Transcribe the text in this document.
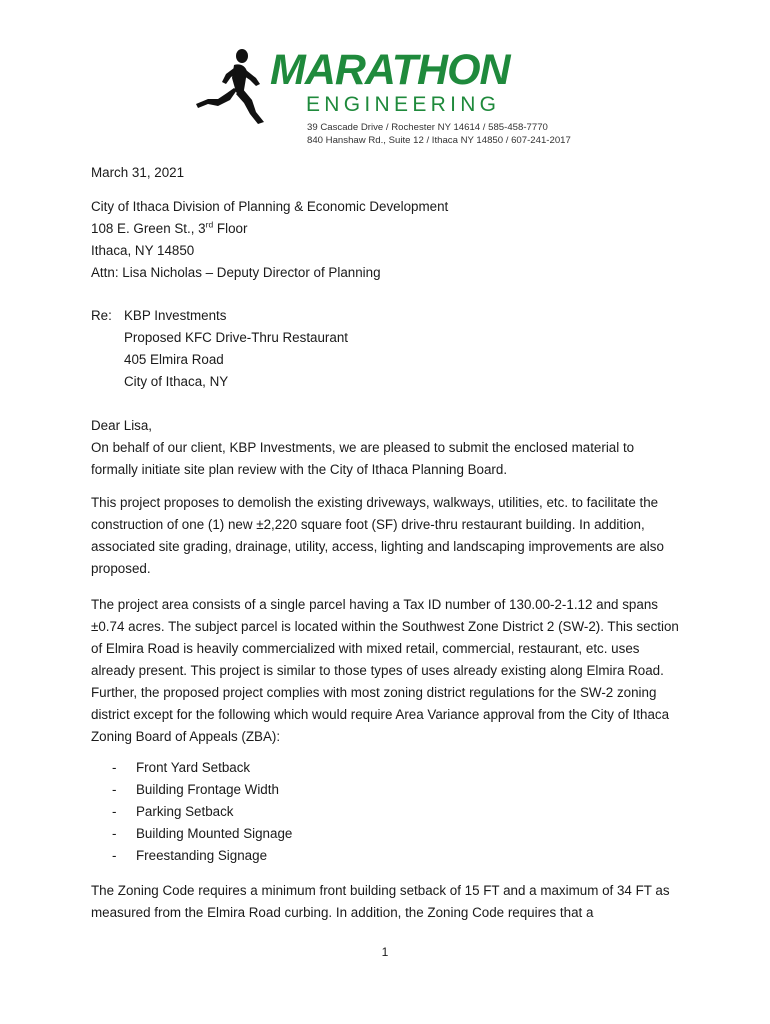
MARATHON
ENGINEERING
39 Cascade Drive / Rochester NY 14614 / 585-458-7770
840 Hanshaw Rd., Suite 12 / Ithaca NY 14850 / 607-241-2017
March 31, 2021
City of Ithaca Division of Planning & Economic Development
108 E. Green St., 3rd Floor
Ithaca, NY 14850
Attn: Lisa Nicholas – Deputy Director of Planning
Re: KBP Investments
Proposed KFC Drive-Thru Restaurant
405 Elmira Road
City of Ithaca, NY
Dear Lisa,
On behalf of our client, KBP Investments, we are pleased to submit the enclosed material to formally initiate site plan review with the City of Ithaca Planning Board.
This project proposes to demolish the existing driveways, walkways, utilities, etc. to facilitate the construction of one (1) new ±2,220 square foot (SF) drive-thru restaurant building. In addition, associated site grading, drainage, utility, access, lighting and landscaping improvements are also proposed.
The project area consists of a single parcel having a Tax ID number of 130.00-2-1.12 and spans ±0.74 acres. The subject parcel is located within the Southwest Zone District 2 (SW-2). This section of Elmira Road is heavily commercialized with mixed retail, commercial, restaurant, etc. uses already present. This project is similar to those types of uses already existing along Elmira Road. Further, the proposed project complies with most zoning district regulations for the SW-2 zoning district except for the following which would require Area Variance approval from the City of Ithaca Zoning Board of Appeals (ZBA):
-	Front Yard Setback
-	Building Frontage Width
-	Parking Setback
-	Building Mounted Signage
-	Freestanding Signage
The Zoning Code requires a minimum front building setback of 15 FT and a maximum of 34 FT as measured from the Elmira Road curbing. In addition, the Zoning Code requires that a
1
